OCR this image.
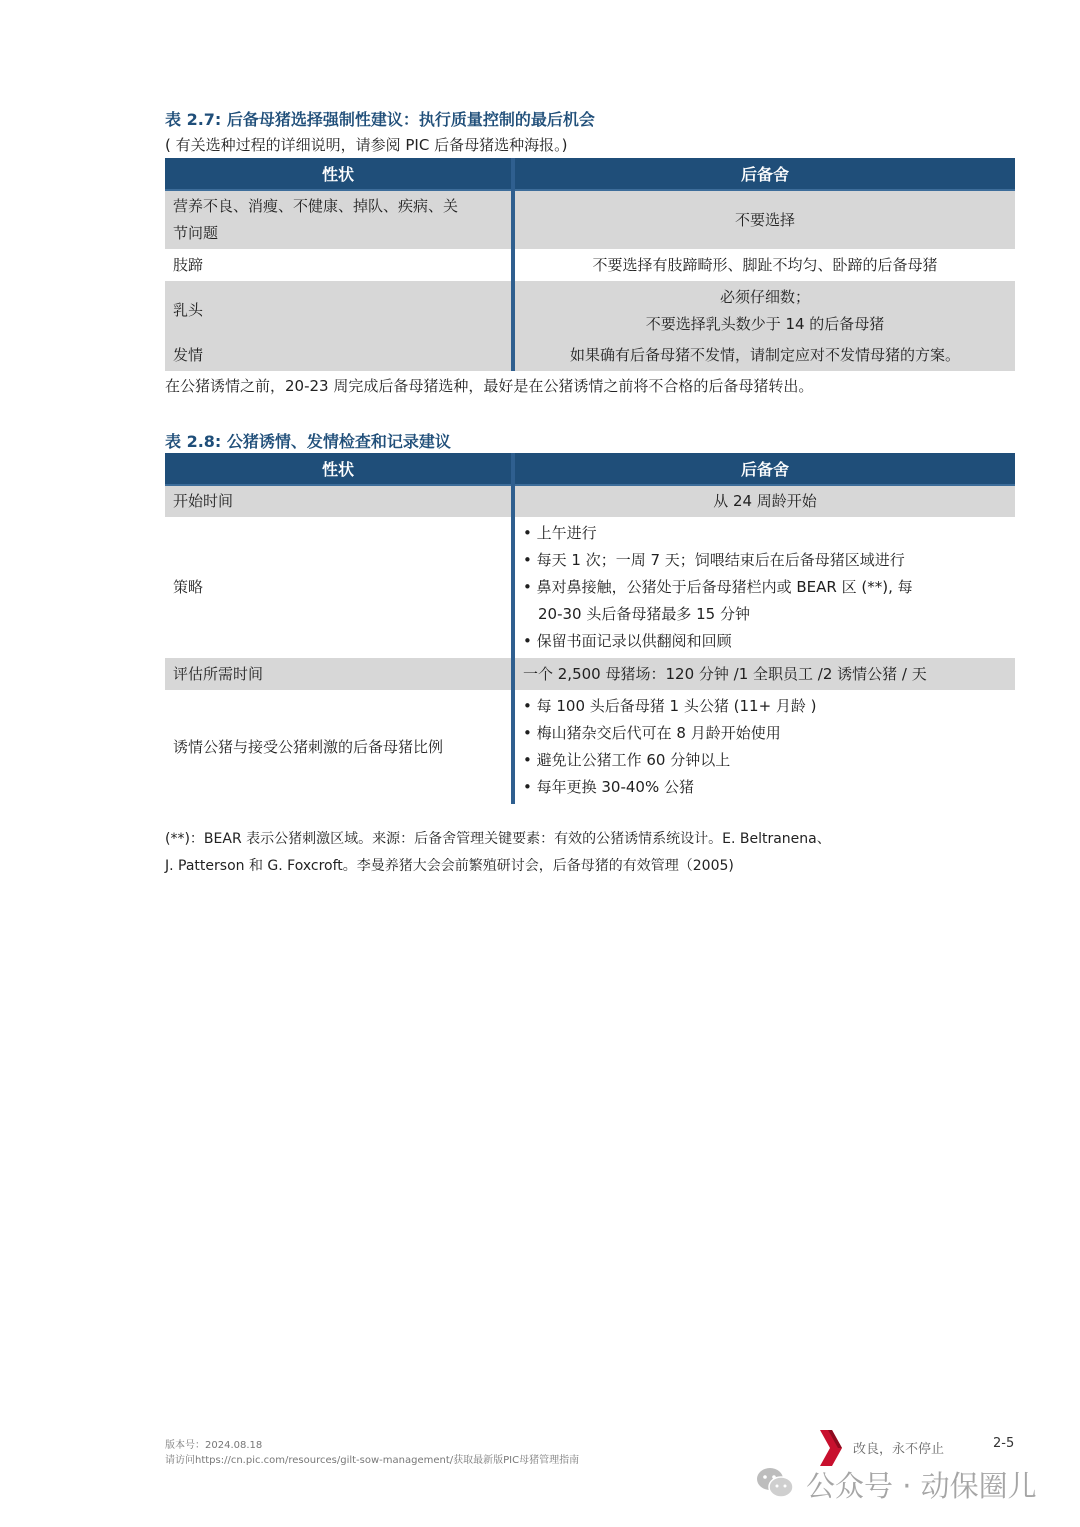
表 2.7: 后备母猪选择强制性建议：执行质量控制的最后机会
( 有关选种过程的详细说明，请参阅 PIC 后备母猪选种海报。)
性状	后备舍

营养不良、消瘦、不健康、掉队、疾病、关
节问题	不要选择
肢蹄	不要选择有肢蹄畸形、脚趾不均匀、卧蹄的后备母猪
乳头	必须仔细数；
不要选择乳头数少于 14 的后备母猪

发情	如果确有后备母猪不发情，请制定应对不发情母猪的方案。
在公猪诱情之前，20-23 周完成后备母猪选种，最好是在公猪诱情之前将不合格的后备母猪转出。
表 2.8: 公猪诱情、发情检查和记录建议
性状	后备舍
开始时间	从 24 周龄开始
策略	• 上午进行
• 每天 1 次；一周 7 天；饲喂结束后在后备母猪区域进行
• 鼻对鼻接触，公猪处于后备母猪栏内或 BEAR 区 (**), 每
20-30 头后备母猪最多 15 分钟
• 保留书面记录以供翻阅和回顾

评估所需时间	一个 2,500 母猪场：120 分钟 /1 全职员工 /2 诱情公猪 / 天
诱情公猪与接受公猪刺激的后备母猪比例	• 每 100 头后备母猪 1 头公猪 (11+ 月龄 )
• 梅山猪杂交后代可在 8 月龄开始使用
• 避免让公猪工作 60 分钟以上
• 每年更换 30-40% 公猪
(**)：BEAR 表示公猪刺激区域。来源：后备舍管理关键要素：有效的公猪诱情系统设计。E. Beltranena、
J. Patterson 和 G. Foxcroft。李曼养猪大会会前繁殖研讨会，后备母猪的有效管理（2005)
版本号：2024.08.18
请访问https://cn.pic.com/resources/gilt-sow-management/获取最新版PIC母猪管理指南
改良，永不停止	2-5
公众号 · 动保圈儿
